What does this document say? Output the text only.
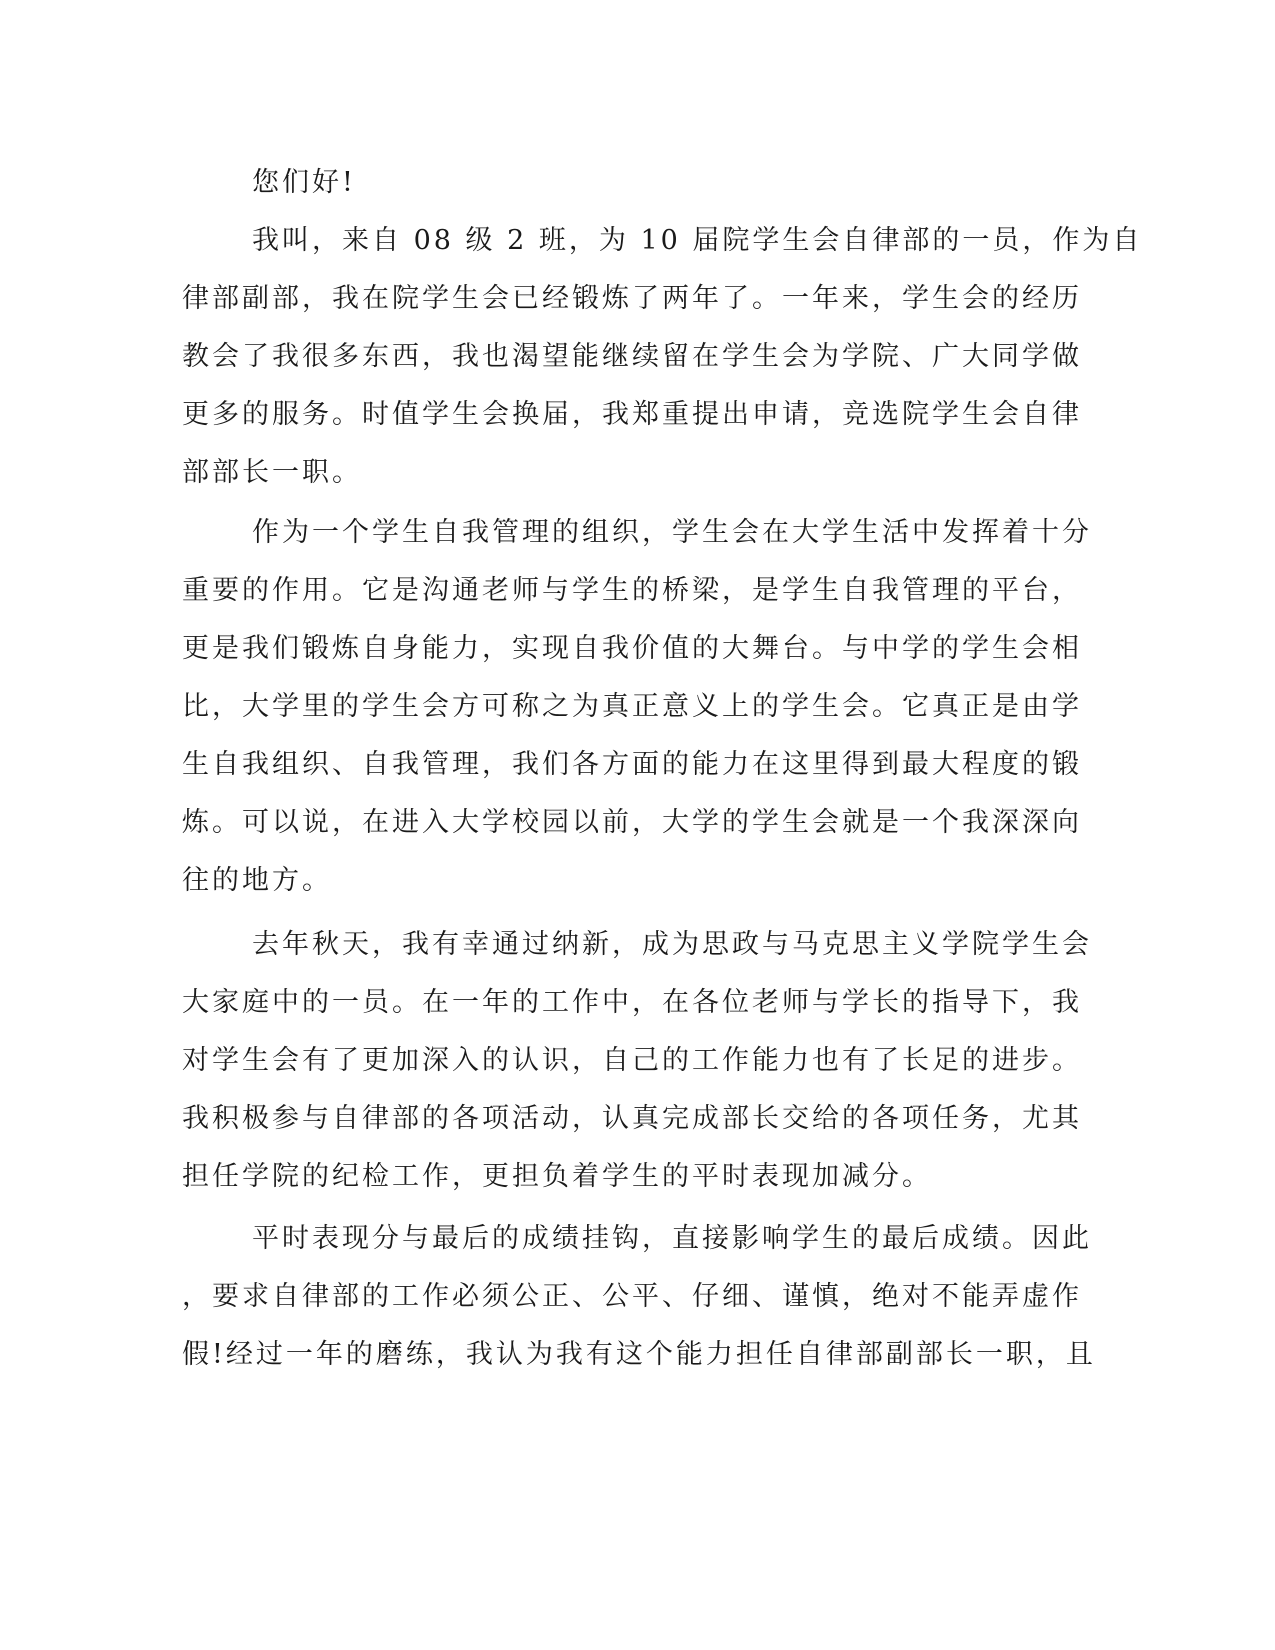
您们好!

我叫，来自 08 级 2 班，为 10 届院学生会自律部的一员，作为自

律部副部，我在院学生会已经锻炼了两年了。一年来，学生会的经历

教会了我很多东西，我也渴望能继续留在学生会为学院、广大同学做

更多的服务。时值学生会换届，我郑重提出申请，竞选院学生会自律

部部长一职。

作为一个学生自我管理的组织，学生会在大学生活中发挥着十分

重要的作用。它是沟通老师与学生的桥梁，是学生自我管理的平台，

更是我们锻炼自身能力，实现自我价值的大舞台。与中学的学生会相

比，大学里的学生会方可称之为真正意义上的学生会。它真正是由学

生自我组织、自我管理，我们各方面的能力在这里得到最大程度的锻

炼。可以说，在进入大学校园以前，大学的学生会就是一个我深深向

往的地方。

去年秋天，我有幸通过纳新，成为思政与马克思主义学院学生会

大家庭中的一员。在一年的工作中，在各位老师与学长的指导下，我

对学生会有了更加深入的认识，自己的工作能力也有了长足的进步。

我积极参与自律部的各项活动，认真完成部长交给的各项任务，尤其

担任学院的纪检工作，更担负着学生的平时表现加减分。

平时表现分与最后的成绩挂钩，直接影响学生的最后成绩。因此

，要求自律部的工作必须公正、公平、仔细、谨慎，绝对不能弄虚作

假!经过一年的磨练，我认为我有这个能力担任自律部副部长一职，且
